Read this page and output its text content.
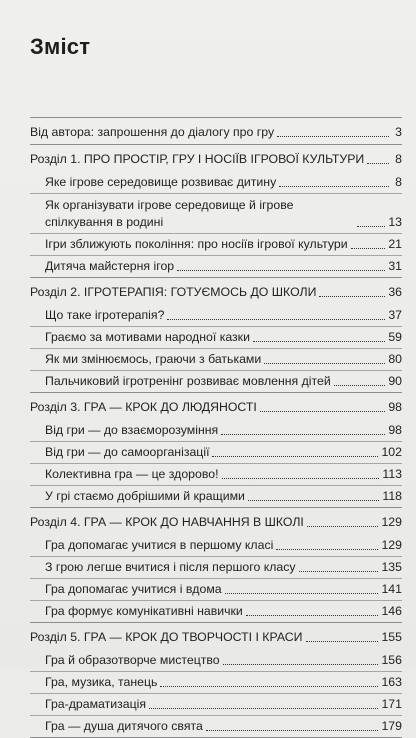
Зміст
Від автора: запрошення до діалогу про гру	3
Розділ 1. ПРО ПРОСТІР, ГРУ І НОСІЇВ ІГРОВОЇ КУЛЬТУРИ	8
Яке ігрове середовище розвиває дитину	8
Як організувати ігрове середовище й ігрове спілкування в родині	13
Ігри зближують покоління: про носіїв ігрової культури	21
Дитяча майстерня ігор	31
Розділ 2. ІГРОТЕРАПІЯ: ГОТУЄМОСЬ ДО ШКОЛИ	36
Що таке ігротерапія?	37
Граємо за мотивами народної казки	59
Як ми змінюємось, граючи з батьками	80
Пальчиковий ігротренінг розвиває мовлення дітей	90
Розділ 3. ГРА — КРОК ДО ЛЮДЯНОСТІ	98
Від гри — до взаєморозуміння	98
Від гри — до самоорганізації	102
Колективна гра — це здорово!	113
У грі стаємо добрішими й кращими	118
Розділ 4. ГРА — КРОК ДО НАВЧАННЯ В ШКОЛІ	129
Гра допомагає учитися в першому класі	129
З грою легше вчитися і після першого класу	135
Гра допомагає учитися і вдома	141
Гра формує комунікативні навички	146
Розділ 5. ГРА — КРОК ДО ТВОРЧОСТІ І КРАСИ	155
Гра й образотворче мистецтво	156
Гра, музика, танець	163
Гра-драматизація	171
Гра — душа дитячого свята	179
